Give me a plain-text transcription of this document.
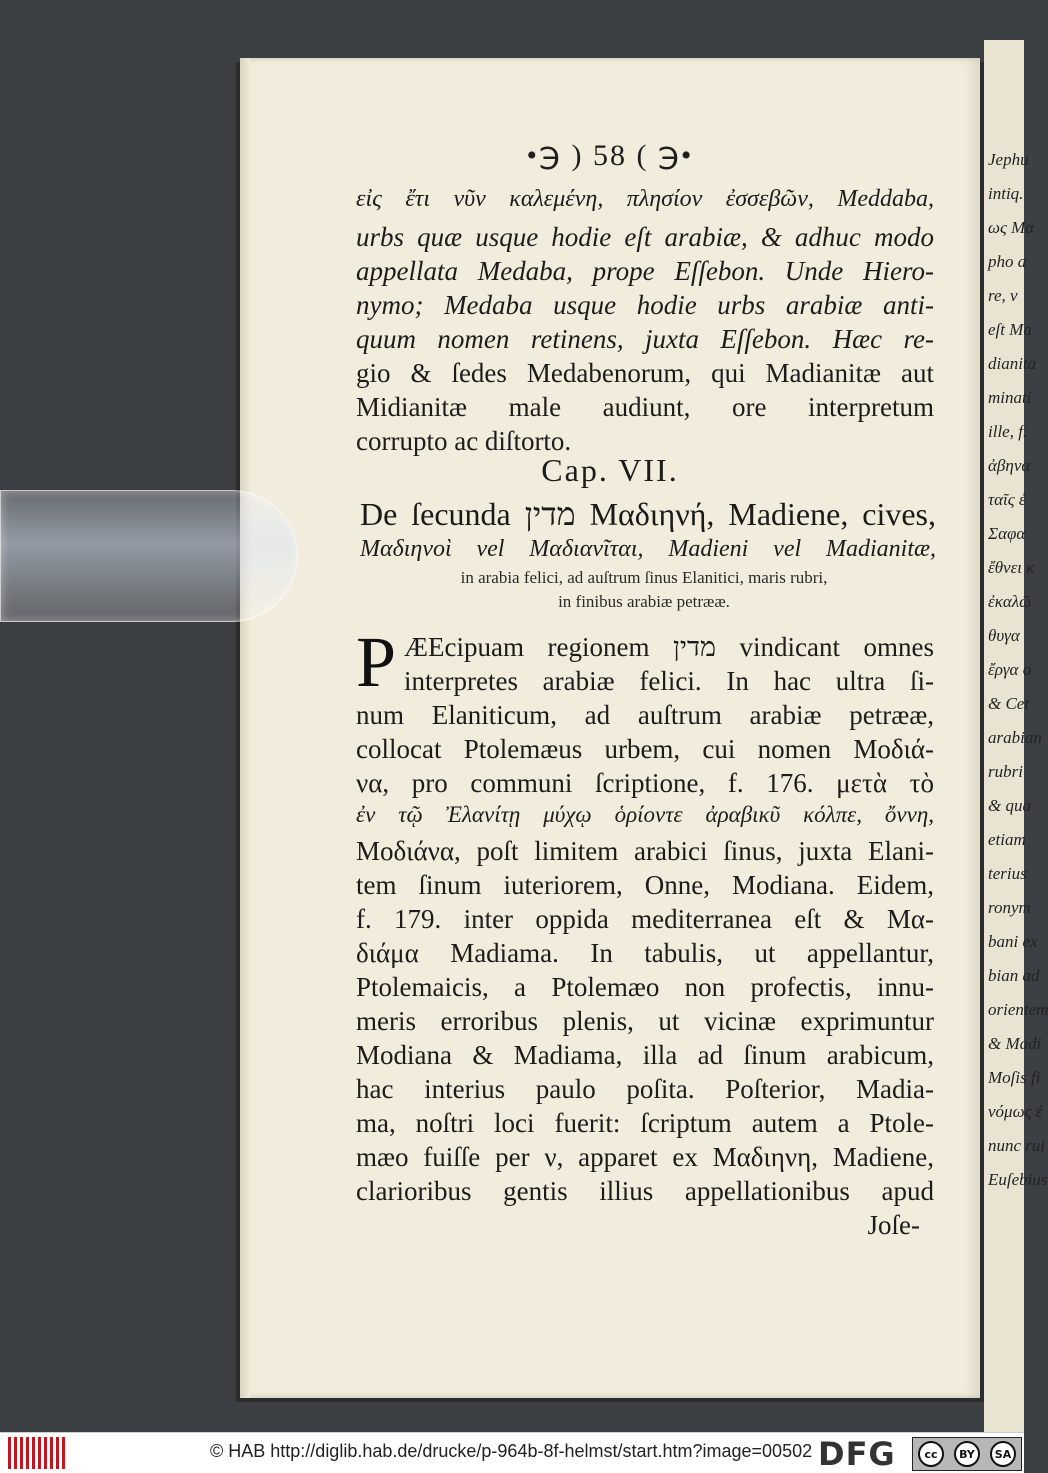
•℈ ) 58 ( ℈•
εἰς ἔτι νῦν καλεμένη, πλησίον ἐσσεβῶν, Meddaba,
urbs quæ usque hodie eſt arabiæ, & adhuc modo
appellata Medaba, prope Eſſebon. Unde Hiero-
nymo; Medaba usque hodie urbs arabiæ anti-
quum nomen retinens, juxta Eſſebon. Hæc re-
gio & ſedes Medabenorum, qui Madianitæ aut
Midianitæ male audiunt, ore interpretum
corrupto ac diſtorto.
Cap. VII.
De ſecunda מדין Μαδιηνή, Madiene, cives,
Μαδιηνοὶ vel Μαδιανῖται, Madieni vel Madianitæ,
in arabia felici, ad auſtrum ſinus Elanitici, maris rubri,
in finibus arabiæ petrææ.
P ÆEcipuam regionem מדין vindicant omnes
interpretes arabiæ felici. In hac ultra ſi-
num Elaniticum, ad auſtrum arabiæ petrææ,
collocat Ptolemæus urbem, cui nomen Μοδιά-
να, pro communi ſcriptione, f. 176. μετὰ τὸ
ἐν τῷ Ἐλανίτῃ μύχῳ ὁρίοντε ἀραβικῦ κόλπε, ὄννη,
Μοδιάνα, poſt limitem arabici ſinus, juxta Elani-
tem ſinum iuteriorem, Onne, Modiana. Eidem,
f. 179. inter oppida mediterranea eſt & Μα-
διάμα Madiama. In tabulis, ut appellantur,
Ptolemaicis, a Ptolemæo non profectis, innu-
meris erroribus plenis, ut vicinæ exprimuntur
Modiana & Madiama, illa ad ſinum arabicum,
hac interius paulo poſita. Poſterior, Madia-
ma, noſtri loci fuerit: ſcriptum autem a Ptole-
mæo fuiſſe per ν, apparet ex Μαδιηνη, Madiene,
clarioribus gentis illius appellationibus apud
Joſe-
Jephu
intiq.
ως Μα
pho a
re, v
eſt Ma
dianita
minati
ille, f.
ἀβηνα
ταῖς ἐ
Σαφα
ἔθνει κ
ἐκαλῶ
θυγα
ἔργα ο
& Cet
arabian
rubri
& qua
etiam
terius
ronym
bani ex
bian ad
orientem
& Madi
Moſis fi
νόμως ἐ
nunc rui
Euſebius
© HAB http://diglib.hab.de/drucke/p-964b-8f-helmst/start.htm?image=00502 DFG	cc	BY	SA
